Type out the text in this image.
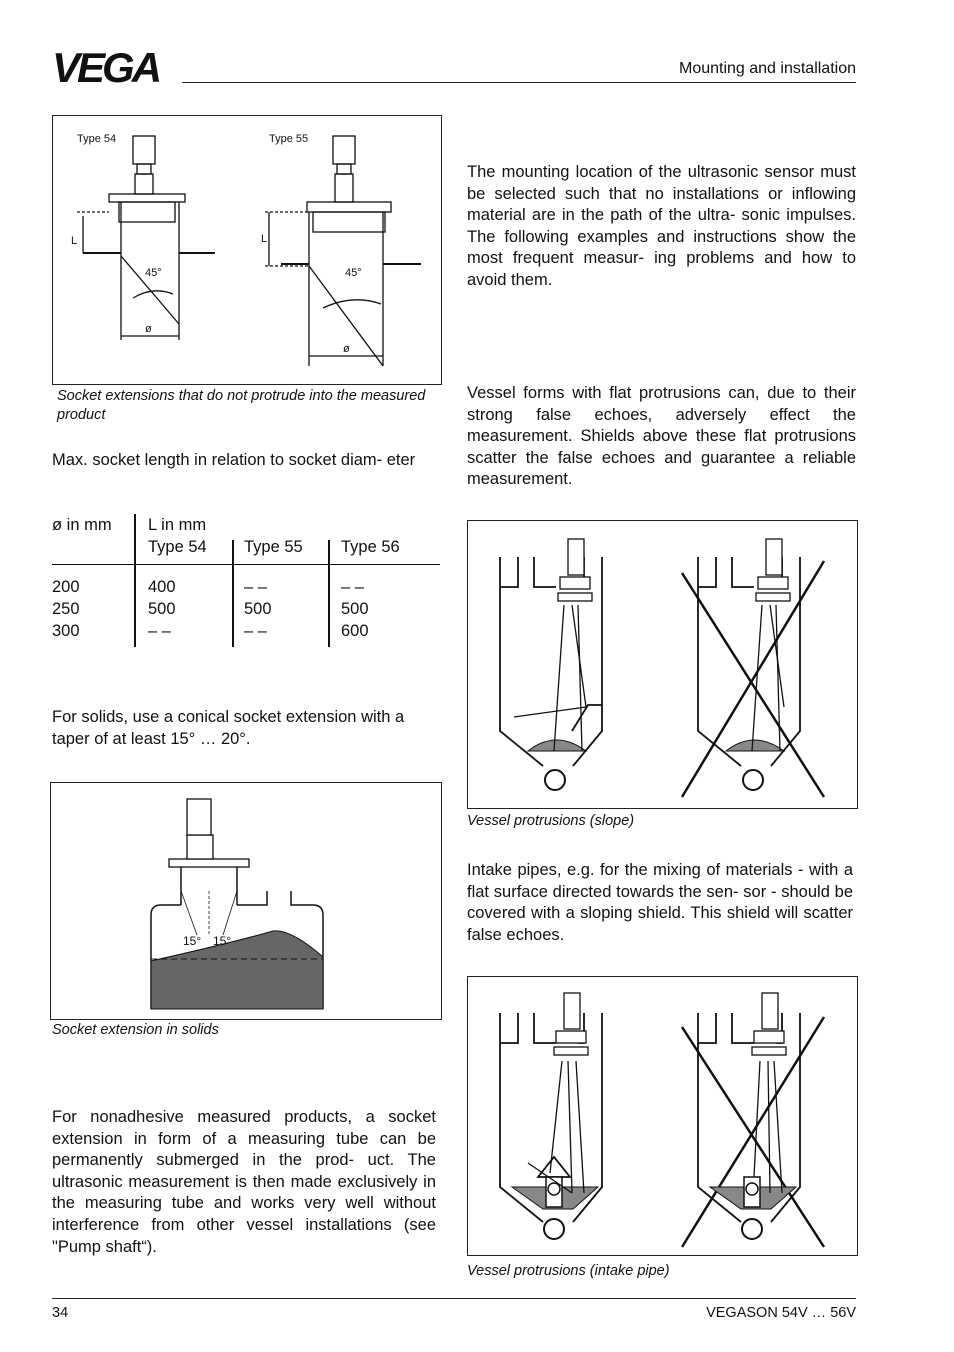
VEGA	Mounting and installation
Type 54	Type 55
L	L
45°	45°
ø
ø
Socket extensions that do not protrude into the measured product
Max. socket length in relation to socket diam- eter
ø in mm L in mm
Type 54 Type 55 Type 56
200	400	– –	– –
250	500	500	500
300	– –	– –	600
For solids, use a conical socket extension with a taper of at least 15° … 20°.
15° 15°
Socket extension in solids
For nonadhesive measured products, a socket extension in form of a measuring tube can be permanently submerged in the prod- uct. The ultrasonic measurement is then made exclusively in the measuring tube and works very well without interference from other vessel installations (see "Pump shaft“).
The mounting location of the ultrasonic sensor must be selected such that no installations or inflowing material are in the path of the ultra- sonic impulses. The following examples and instructions show the most frequent measur- ing problems and how to avoid them.
Vessel forms with flat protrusions can, due to their strong false echoes, adversely effect the measurement. Shields above these flat protrusions scatter the false echoes and guarantee a reliable measurement.
Vessel protrusions (slope)
Intake pipes, e.g. for the mixing of materials - with a flat surface directed towards the sen- sor - should be covered with a sloping shield. This shield will scatter false echoes.
Vessel protrusions (intake pipe)
34	VEGASON 54V … 56V
